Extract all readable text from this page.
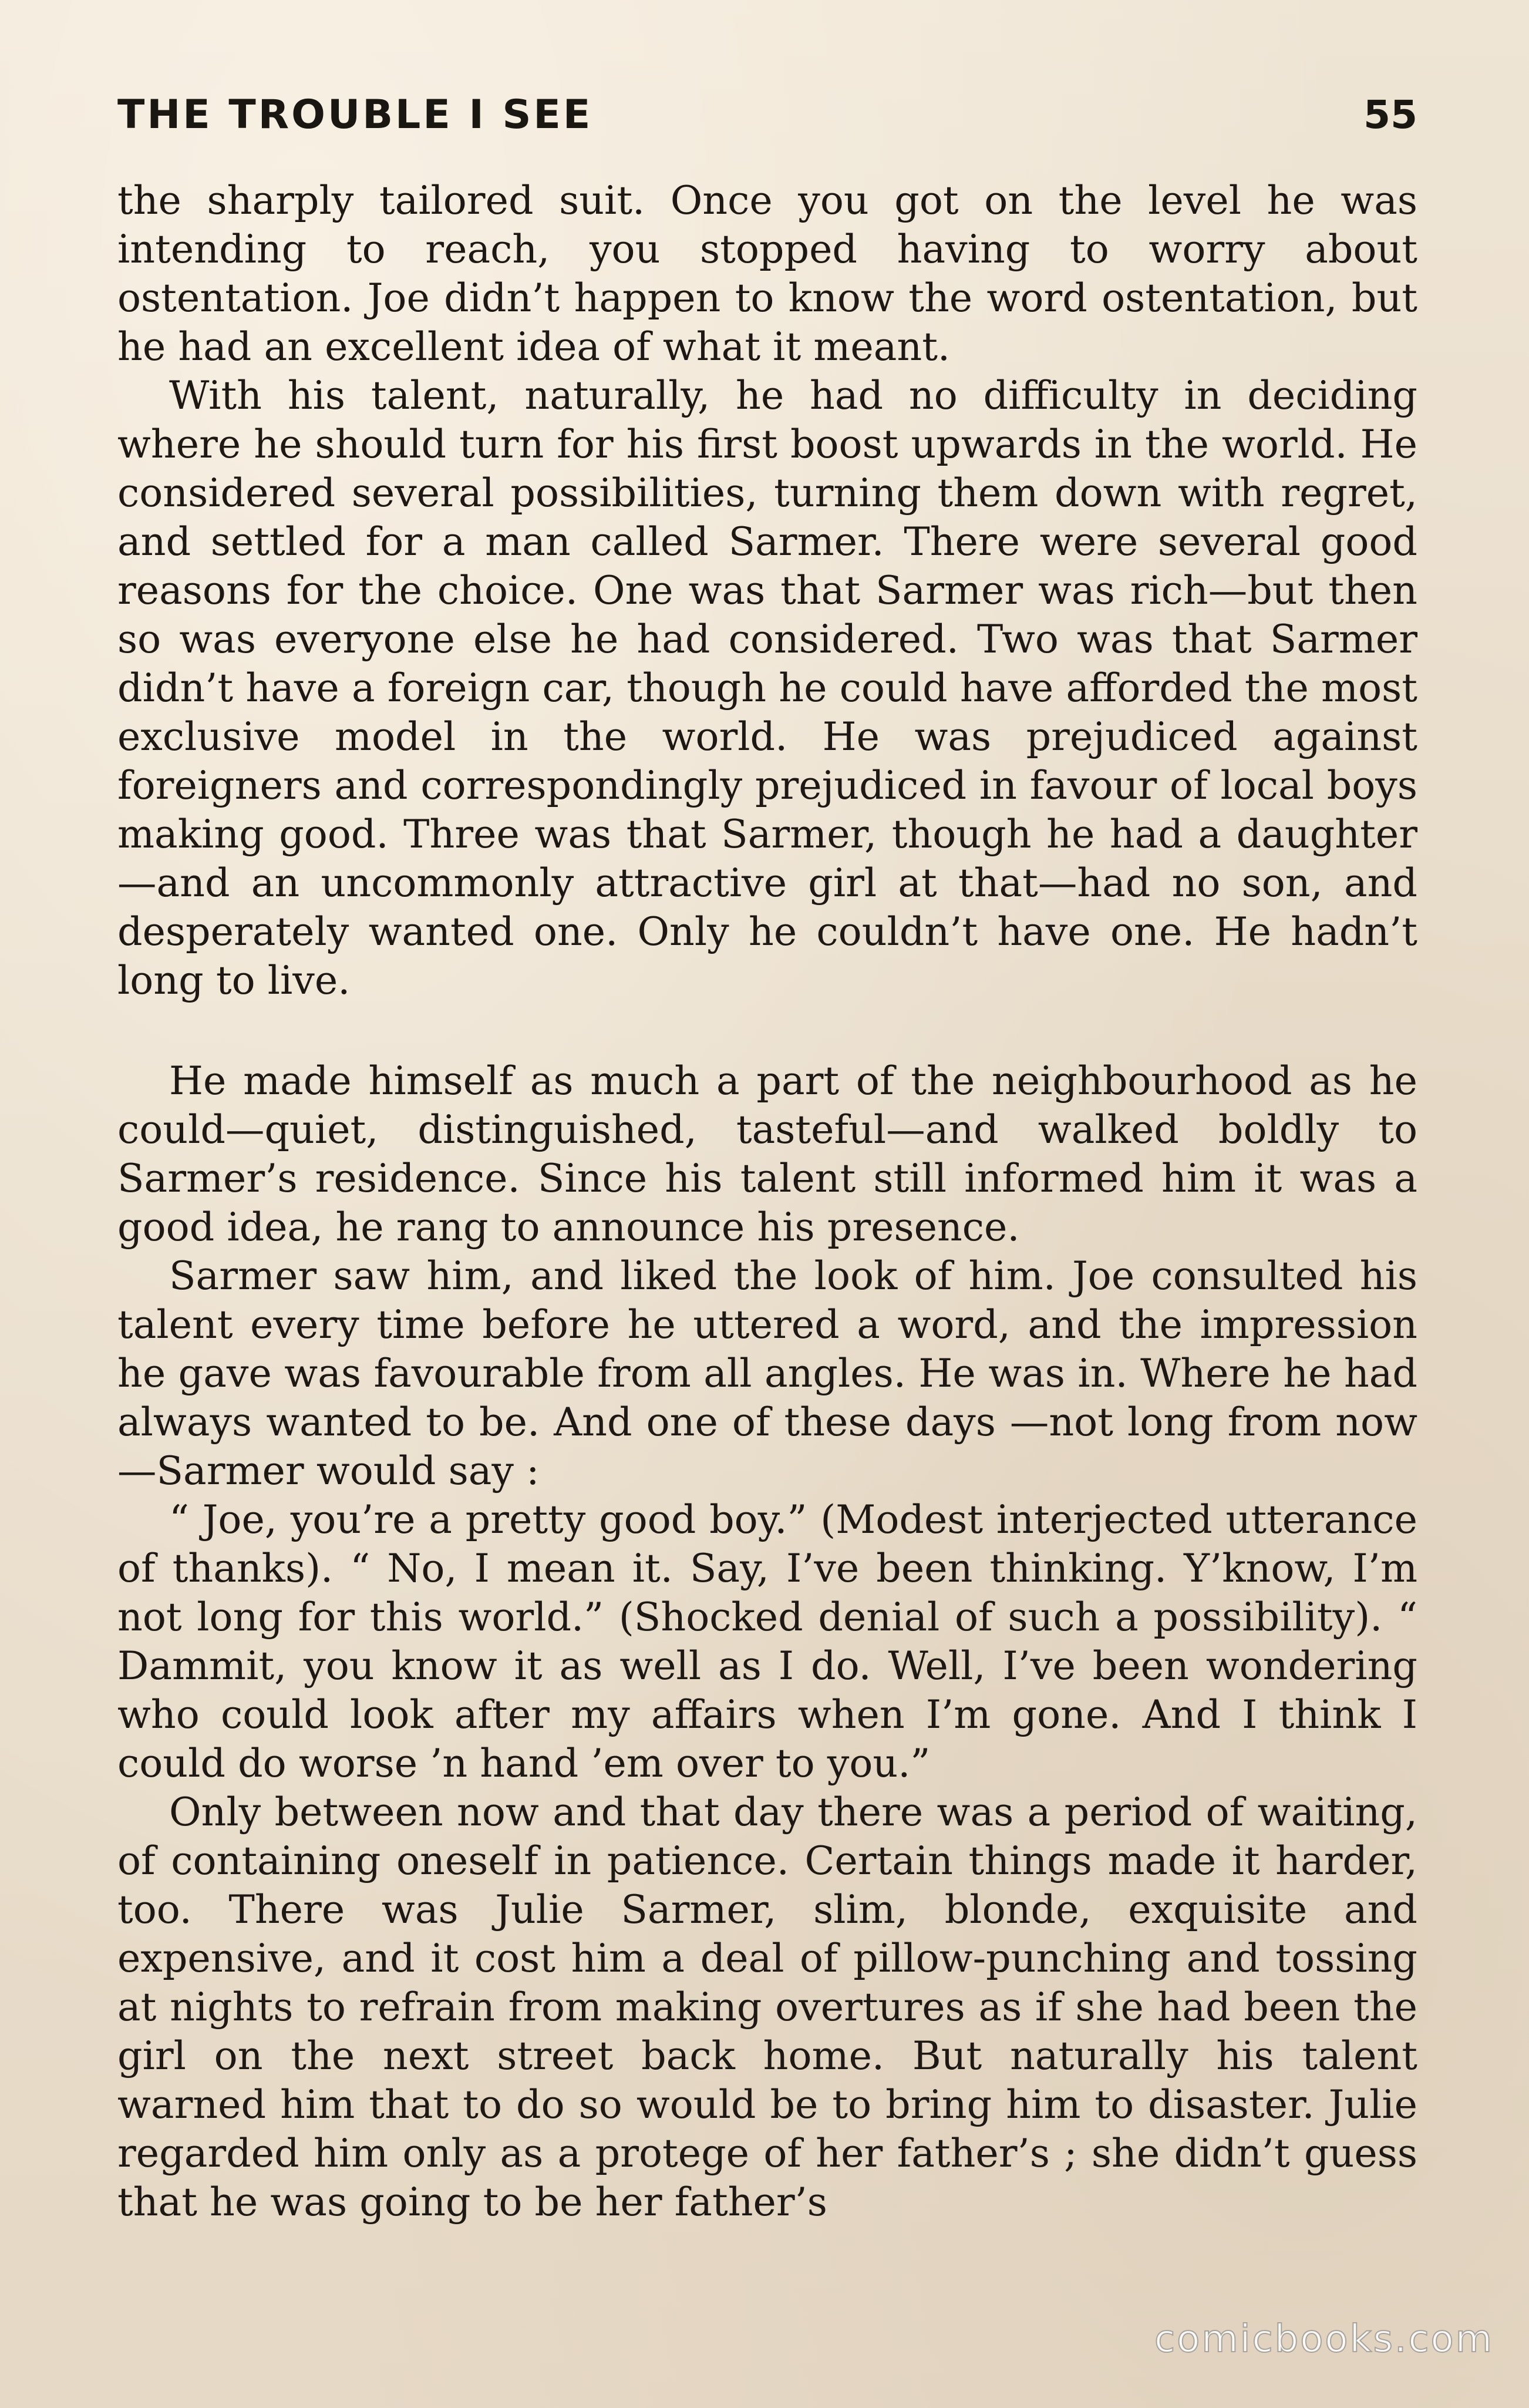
THE TROUBLE I SEE	55

the sharply tailored suit. Once you got on the level he was intending to reach, you stopped having to worry about ostentation. Joe didn’t happen to know the word ostentation, but he had an excellent idea of what it meant.

With his talent, naturally, he had no difficulty in deciding where he should turn for his first boost upwards in the world. He considered several possibilities, turning them down with regret, and settled for a man called Sarmer. There were several good reasons for the choice. One was that Sarmer was rich—but then so was everyone else he had considered. Two was that Sarmer didn’t have a foreign car, though he could have afforded the most exclusive model in the world. He was prejudiced against foreigners and correspondingly prejudiced in favour of local boys making good. Three was that Sarmer, though he had a daughter—and an uncommonly attractive girl at that—had no son, and desperately wanted one. Only he couldn’t have one. He hadn’t long to live.

He made himself as much a part of the neighbourhood as he could—quiet, distinguished, tasteful—and walked boldly to Sarmer’s residence. Since his talent still informed him it was a good idea, he rang to announce his presence.

Sarmer saw him, and liked the look of him. Joe consulted his talent every time before he uttered a word, and the impression he gave was favourable from all angles. He was in. Where he had always wanted to be. And one of these days —not long from now—Sarmer would say :

“ Joe, you’re a pretty good boy.” (Modest interjected utterance of thanks). “ No, I mean it. Say, I’ve been thinking. Y’know, I’m not long for this world.” (Shocked denial of such a possibility). “ Dammit, you know it as well as I do. Well, I’ve been wondering who could look after my affairs when I’m gone. And I think I could do worse ’n hand ’em over to you.”

Only between now and that day there was a period of waiting, of containing oneself in patience. Certain things made it harder, too. There was Julie Sarmer, slim, blonde, exquisite and expensive, and it cost him a deal of pillow-punching and tossing at nights to refrain from making overtures as if she had been the girl on the next street back home. But naturally his talent warned him that to do so would be to bring him to disaster. Julie regarded him only as a protege of her father’s ; she didn’t guess that he was going to be her father’s

comicbooks.com
